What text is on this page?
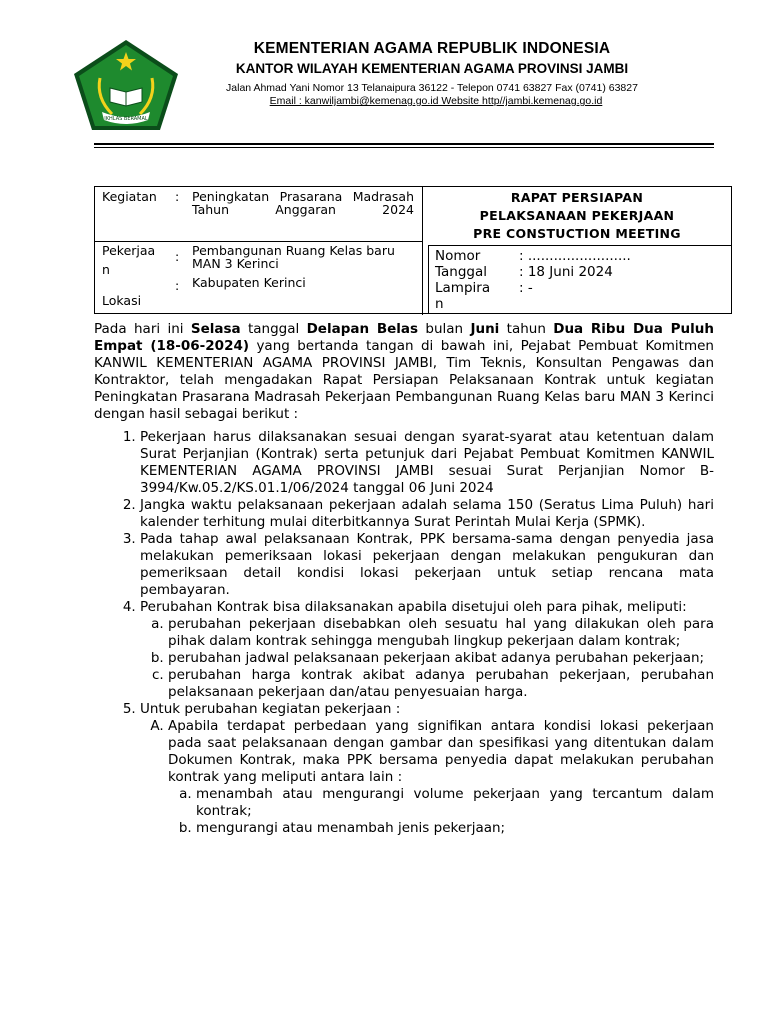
IKHLAS BERAMAL
KEMENTERIAN AGAMA REPUBLIK INDONESIA
KANTOR WILAYAH KEMENTERIAN AGAMA PROVINSI JAMBI
Jalan Ahmad Yani Nomor 13 Telanaipura 36122 - Telepon 0741 63827 Fax (0741) 63827
Email : kanwiljambi@kemenag.go.id Website http//jambi.kemenag.go.id
Kegiatan : Peningkatan Prasarana Madrasah Tahun Anggaran 2024
RAPAT PERSIAPAN
PELAKSANAAN PEKERJAAN
PRE CONSTUCTION MEETING
Pekerjaa
n
: Pembangunan Ruang Kelas baru MAN 3 Kerinci
Lokasi
: Kabupaten Kerinci
Nomor	: ........................
Tanggal : 18 Juni 2024
Lampira : -
n

Pada hari ini Selasa tanggal Delapan Belas bulan Juni tahun Dua Ribu Dua Puluh Empat (18-06-2024) yang bertanda tangan di bawah ini, Pejabat Pembuat Komitmen KANWIL KEMENTERIAN AGAMA PROVINSI JAMBI, Tim Teknis, Konsultan Pengawas dan Kontraktor, telah mengadakan Rapat Persiapan Pelaksanaan Kontrak untuk kegiatan Peningkatan Prasarana Madrasah Pekerjaan Pembangunan Ruang Kelas baru MAN 3 Kerinci dengan hasil sebagai berikut :

1. Pekerjaan harus dilaksanakan sesuai dengan syarat-syarat atau ketentuan dalam Surat Perjanjian (Kontrak) serta petunjuk dari Pejabat Pembuat Komitmen KANWIL KEMENTERIAN AGAMA PROVINSI JAMBI sesuai Surat Perjanjian Nomor B-3994/Kw.05.2/KS.01.1/06/2024 tanggal 06 Juni 2024
2. Jangka waktu pelaksanaan pekerjaan adalah selama 150 (Seratus Lima Puluh) hari kalender terhitung mulai diterbitkannya Surat Perintah Mulai Kerja (SPMK).
3. Pada tahap awal pelaksanaan Kontrak, PPK bersama-sama dengan penyedia jasa melakukan pemeriksaan lokasi pekerjaan dengan melakukan pengukuran dan pemeriksaan detail kondisi lokasi pekerjaan untuk setiap rencana mata pembayaran.
4. Perubahan Kontrak bisa dilaksanakan apabila disetujui oleh para pihak, meliputi:
a. perubahan pekerjaan disebabkan oleh sesuatu hal yang dilakukan oleh para pihak dalam kontrak sehingga mengubah lingkup pekerjaan dalam kontrak;
b. perubahan jadwal pelaksanaan pekerjaan akibat adanya perubahan pekerjaan;
c. perubahan harga kontrak akibat adanya perubahan pekerjaan, perubahan pelaksanaan pekerjaan dan/atau penyesuaian harga.
5. Untuk perubahan kegiatan pekerjaan :
A. Apabila terdapat perbedaan yang signifikan antara kondisi lokasi pekerjaan pada saat pelaksanaan dengan gambar dan spesifikasi yang ditentukan dalam Dokumen Kontrak, maka PPK bersama penyedia dapat melakukan perubahan kontrak yang meliputi antara lain :
a. menambah atau mengurangi volume pekerjaan yang tercantum dalam kontrak;
b. mengurangi atau menambah jenis pekerjaan;
